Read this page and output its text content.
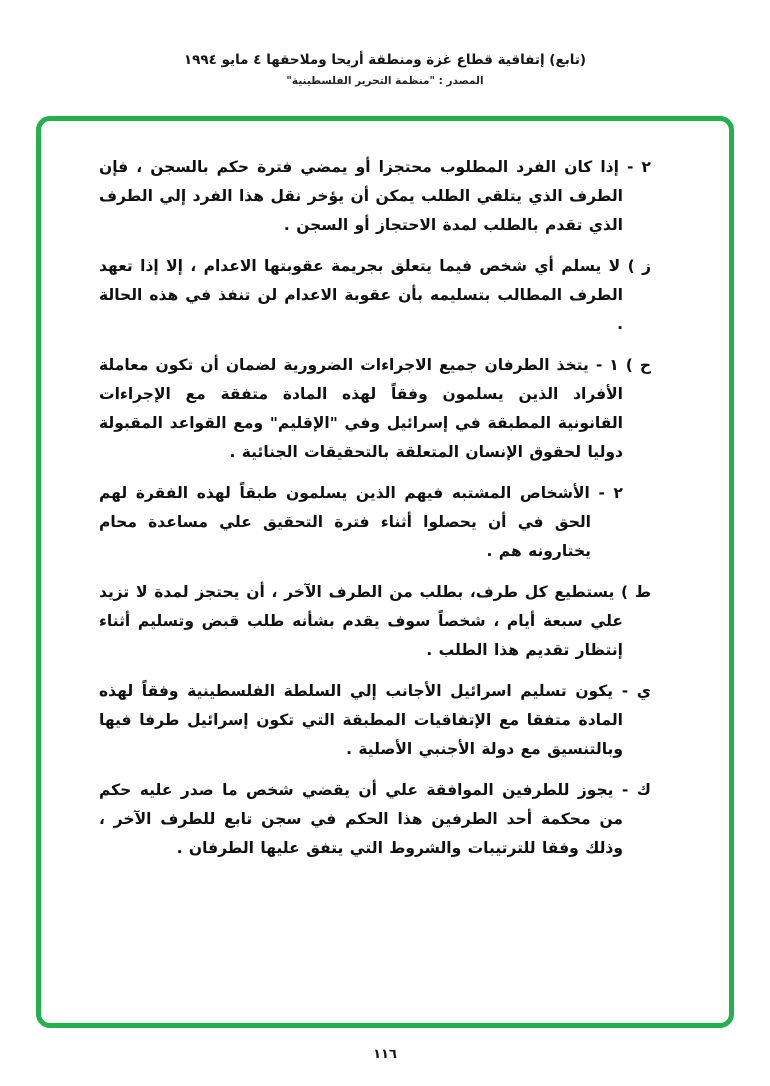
(تابع) إتفاقية قطاع غزة ومنطقة أريحا وملاحقها ٤ مايو ١٩٩٤
المصدر : "منظمة التحرير الفلسطينية"

٢ - إذا كان الفرد المطلوب محتجزا أو يمضي فترة حكم بالسجن ، فإن الطرف الذي يتلقي الطلب يمكن أن يؤخر نقل هذا الفرد إلي الطرف الذي تقدم بالطلب لمدة الاحتجاز أو السجن .

ز ) لا يسلم أي شخص فيما يتعلق بجريمة عقوبتها الاعدام ، إلا إذا تعهد الطرف المطالب بتسليمه بأن عقوبة الاعدام لن تنفذ في هذه الحالة .

ح ) ١ - يتخذ الطرفان جميع الاجراءات الضرورية لضمان أن تكون معاملة الأفراد الذين يسلمون وفقاً لهذه المادة متفقة مع الإجراءات القانونية المطبقة في إسرائيل وفي "الإقليم" ومع القواعد المقبولة دوليا لحقوق الإنسان المتعلقة بالتحقيقات الجنائية .

٢ - الأشخاص المشتبه فيهم الذين يسلمون طبقاً لهذه الفقرة لهم الحق في أن يحصلوا أثناء فترة التحقيق علي مساعدة محام يختارونه هم .

ط ) يستطيع كل طرف، بطلب من الطرف الآخر ، أن يحتجز لمدة لا تزيد علي سبعة أيام ، شخصاً سوف يقدم بشأنه طلب قبض وتسليم أثناء إنتظار تقديم هذا الطلب .

ي - يكون تسليم اسرائيل الأجانب إلي السلطة الفلسطينية وفقاً لهذه المادة متفقا مع الإتفاقيات المطبقة التي تكون إسرائيل طرفا فيها وبالتنسيق مع دولة الأجنبي الأصلية .

ك - يجوز للطرفين الموافقة علي أن يقضي شخص ما صدر عليه حكم من محكمة أحد الطرفين هذا الحكم في سجن تابع للطرف الآخر ، وذلك وفقا للترتيبات والشروط التي يتفق عليها الطرفان .

١١٦
